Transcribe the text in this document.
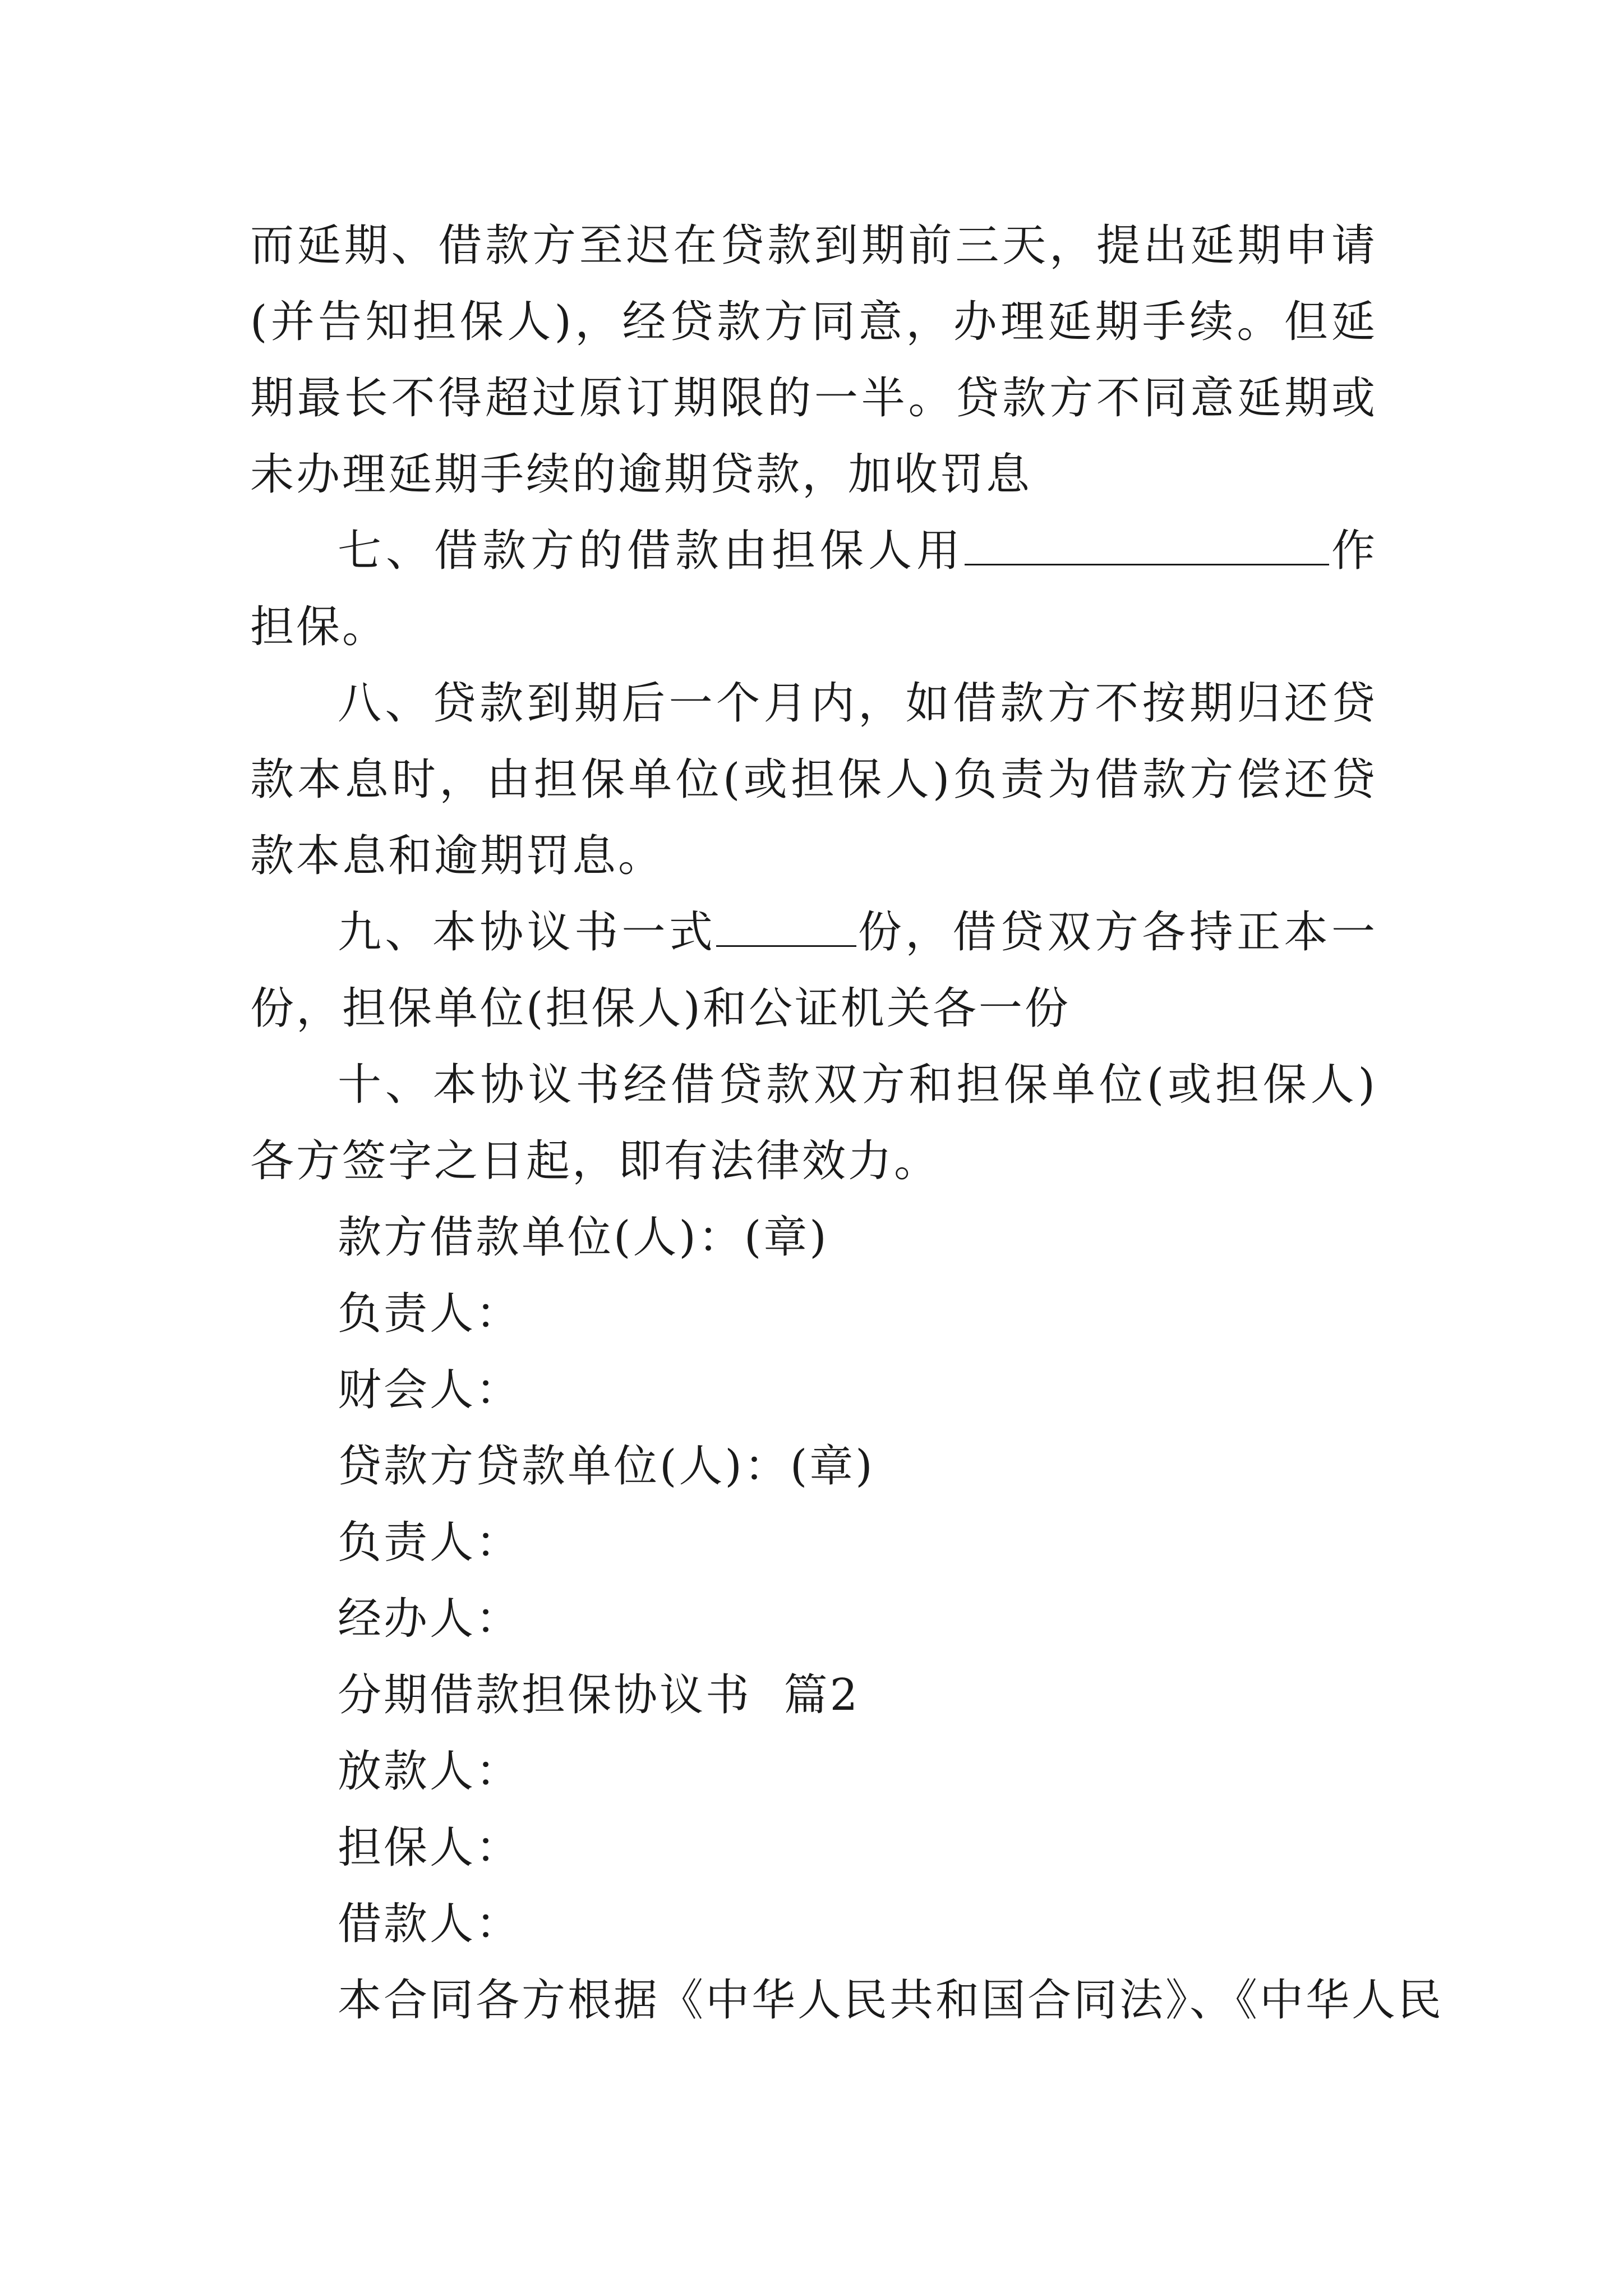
而延期、借款方至迟在贷款到期前三天，提出延期申请(并告知担保人)，经贷款方同意，办理延期手续。但延期最长不得超过原订期限的一半。贷款方不同意延期或未办理延期手续的逾期贷款，加收罚息

七、借款方的借款由担保人用	作担保。

八、贷款到期后一个月内，如借款方不按期归还贷款本息时，由担保单位(或担保人)负责为借款方偿还贷款本息和逾期罚息。

九、本协议书一式	份，借贷双方各持正本一份，担保单位(担保人)和公证机关各一份

十、本协议书经借贷款双方和担保单位(或担保人)各方签字之日起，即有法律效力。

款方借款单位(人)：(章)

负责人：

财会人：

贷款方贷款单位(人)：(章)

负责人：

经办人：

分期借款担保协议书  篇2

放款人：

担保人：

借款人：

本合同各方根据《中华人民共和国合同法》、《中华人民
